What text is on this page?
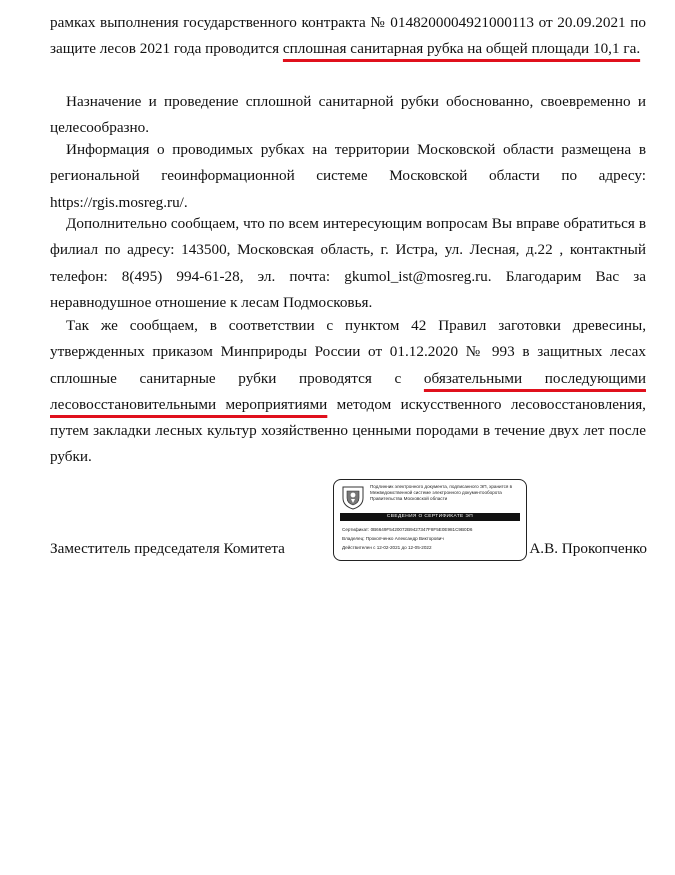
рамках выполнения государственного контракта № 0148200004921000113 от 20.09.2021 по защите лесов 2021 года проводится сплошная санитарная рубка на общей площади 10,1 га.

Назначение и проведение сплошной санитарной рубки обоснованно, своевременно и целесообразно.

Информация о проводимых рубках на территории Московской области размещена в региональной геоинформационной системе Московской области по адресу: https://rgis.mosreg.ru/.

Дополнительно сообщаем, что по всем интересующим вопросам Вы вправе обратиться в филиал по адресу: 143500, Московская область, г. Истра, ул. Лесная, д.22 , контактный телефон: 8(495) 994-61-28, эл. почта: gkumol_ist@mosreg.ru. Благодарим Вас за неравнодушное отношение к лесам Подмосковья.

Так же сообщаем, в соответствии с пунктом 42 Правил заготовки древесины, утвержденных приказом Минприроды России от 01.12.2020 № 993 в защитных лесах сплошные санитарные рубки проводятся с обязательными последующими лесовосстановительными мероприятиями методом искусственного лесовосстановления, путем закладки лесных культур хозяйственно ценными породами в течение двух лет после рубки.

Заместитель председателя Комитета
Подлинник электронного документа, подписанного ЭП, хранится в Межведомственной системе электронного документооборота Правительства Московской области
СВЕДЕНИЯ О СЕРТИФИКАТЕ ЭП
Сертификат: 0B6649F5420072B9427347F8F5E0E981C9B0D6
Владелец: Прокопченко Александр Викторович
Действителен с 12-02-2021 до 12-05-2022	А.В. Прокопченко
